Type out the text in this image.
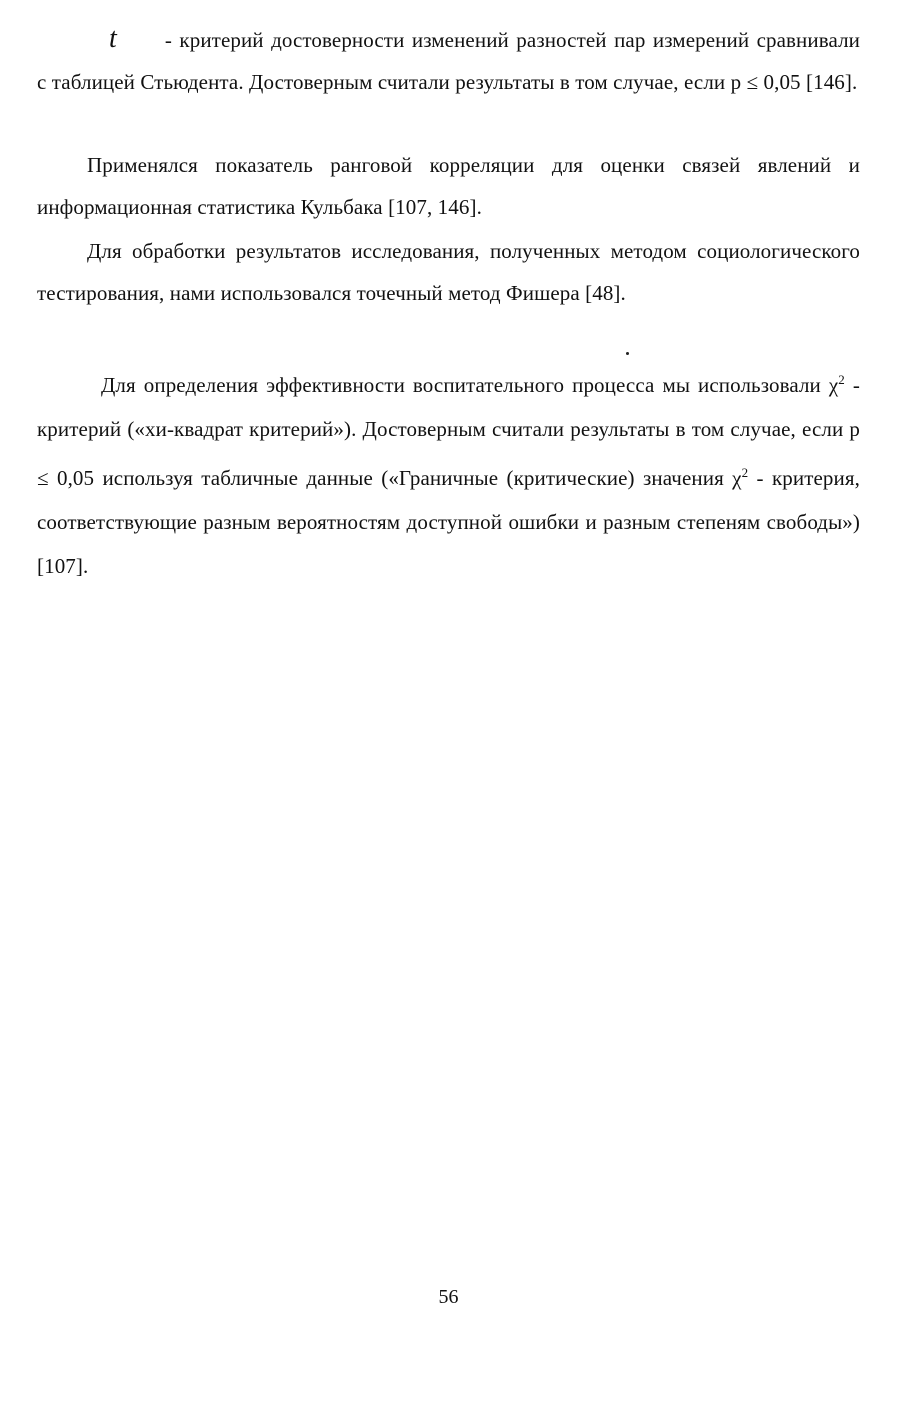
t - критерий достоверности изменений разностей пар измерений сравнивали с таблицей Стьюдента. Достоверным считали результаты в том случае, если p ≤ 0,05 [146].

Применялся показатель ранговой корреляции для оценки связей явлений и информационная статистика Кульбака [107, 146].

Для обработки результатов исследования, полученных методом социологического тестирования, нами использовался точечный метод Фишера [48].

Для определения эффективности воспитательного процесса мы использовали $\chi^2$ - критерий («хи-квадрат критерий»). Достоверным считали результаты в том случае, если p ≤ 0,05 используя табличные данные («Граничные (критические) значения $\chi^2$ - критерия, соответствующие разным вероятностям доступной ошибки и разным степеням свободы») [107].

56
